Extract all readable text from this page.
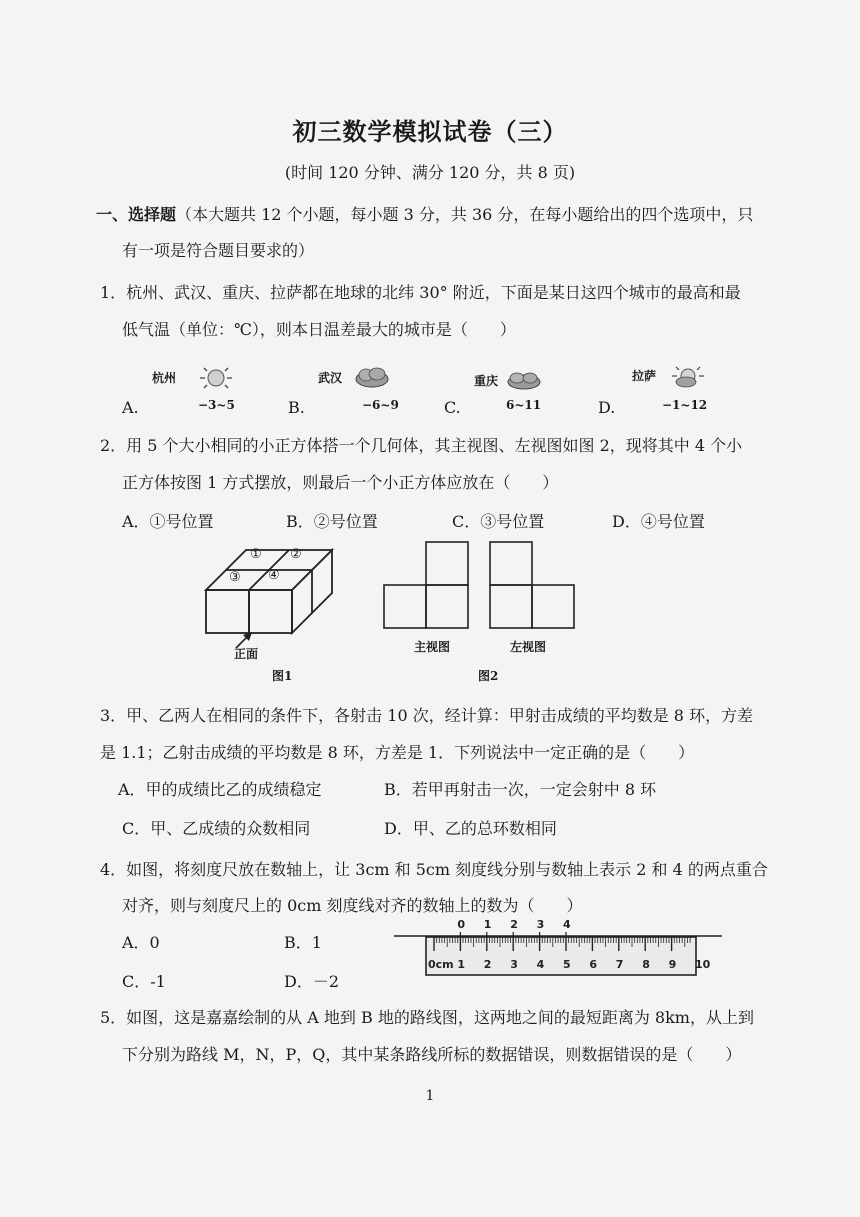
初三数学模拟试卷（三）
(时间 120 分钟、满分 120 分，共 8 页)
一、选择题（本大题共 12 个小题，每小题 3 分，共 36 分，在每小题给出的四个选项中，只
有一项是符合题目要求的）
1．杭州、武汉、重庆、拉萨都在地球的北纬 30° 附近，下面是某日这四个城市的最高和最
低气温（单位：℃），则本日温差最大的城市是（　　）
A.
杭州
−3~5	B.
武汉
−6~9	C.
重庆
6~11	D.
拉萨
−1~12
2．用 5 个大小相同的小正方体搭一个几何体，其主视图、左视图如图 2，现将其中 4 个小
正方体按图 1 方式摆放，则最后一个小正方体应放在（　　）
A．①号位置	B．②号位置	C．③号位置	D．④号位置
① ②
③ ④
正面
图1
主视图	左视图
图2
3．甲、乙两人在相同的条件下，各射击 10 次，经计算：甲射击成绩的平均数是 8 环，方差
是 1.1；乙射击成绩的平均数是 8 环，方差是 1．下列说法中一定正确的是（　　）
A．甲的成绩比乙的成绩稳定	B．若甲再射击一次，一定会射中 8 环
C．甲、乙成绩的众数相同	D．甲、乙的总环数相同
4．如图，将刻度尺放在数轴上，让 3cm 和 5cm 刻度线分别与数轴上表示 2 和 4 的两点重合
对齐，则与刻度尺上的 0cm 刻度线对齐的数轴上的数为（　　）
A．0	B．1
C．-1	D．－2
0 1 2 3 4
0cm 1 2 3 4 5 6 7 8 9 10
5．如图，这是嘉嘉绘制的从 A 地到 B 地的路线图，这两地之间的最短距离为 8km，从上到
下分别为路线 M，N，P，Q，其中某条路线所标的数据错误，则数据错误的是（　　）
1
